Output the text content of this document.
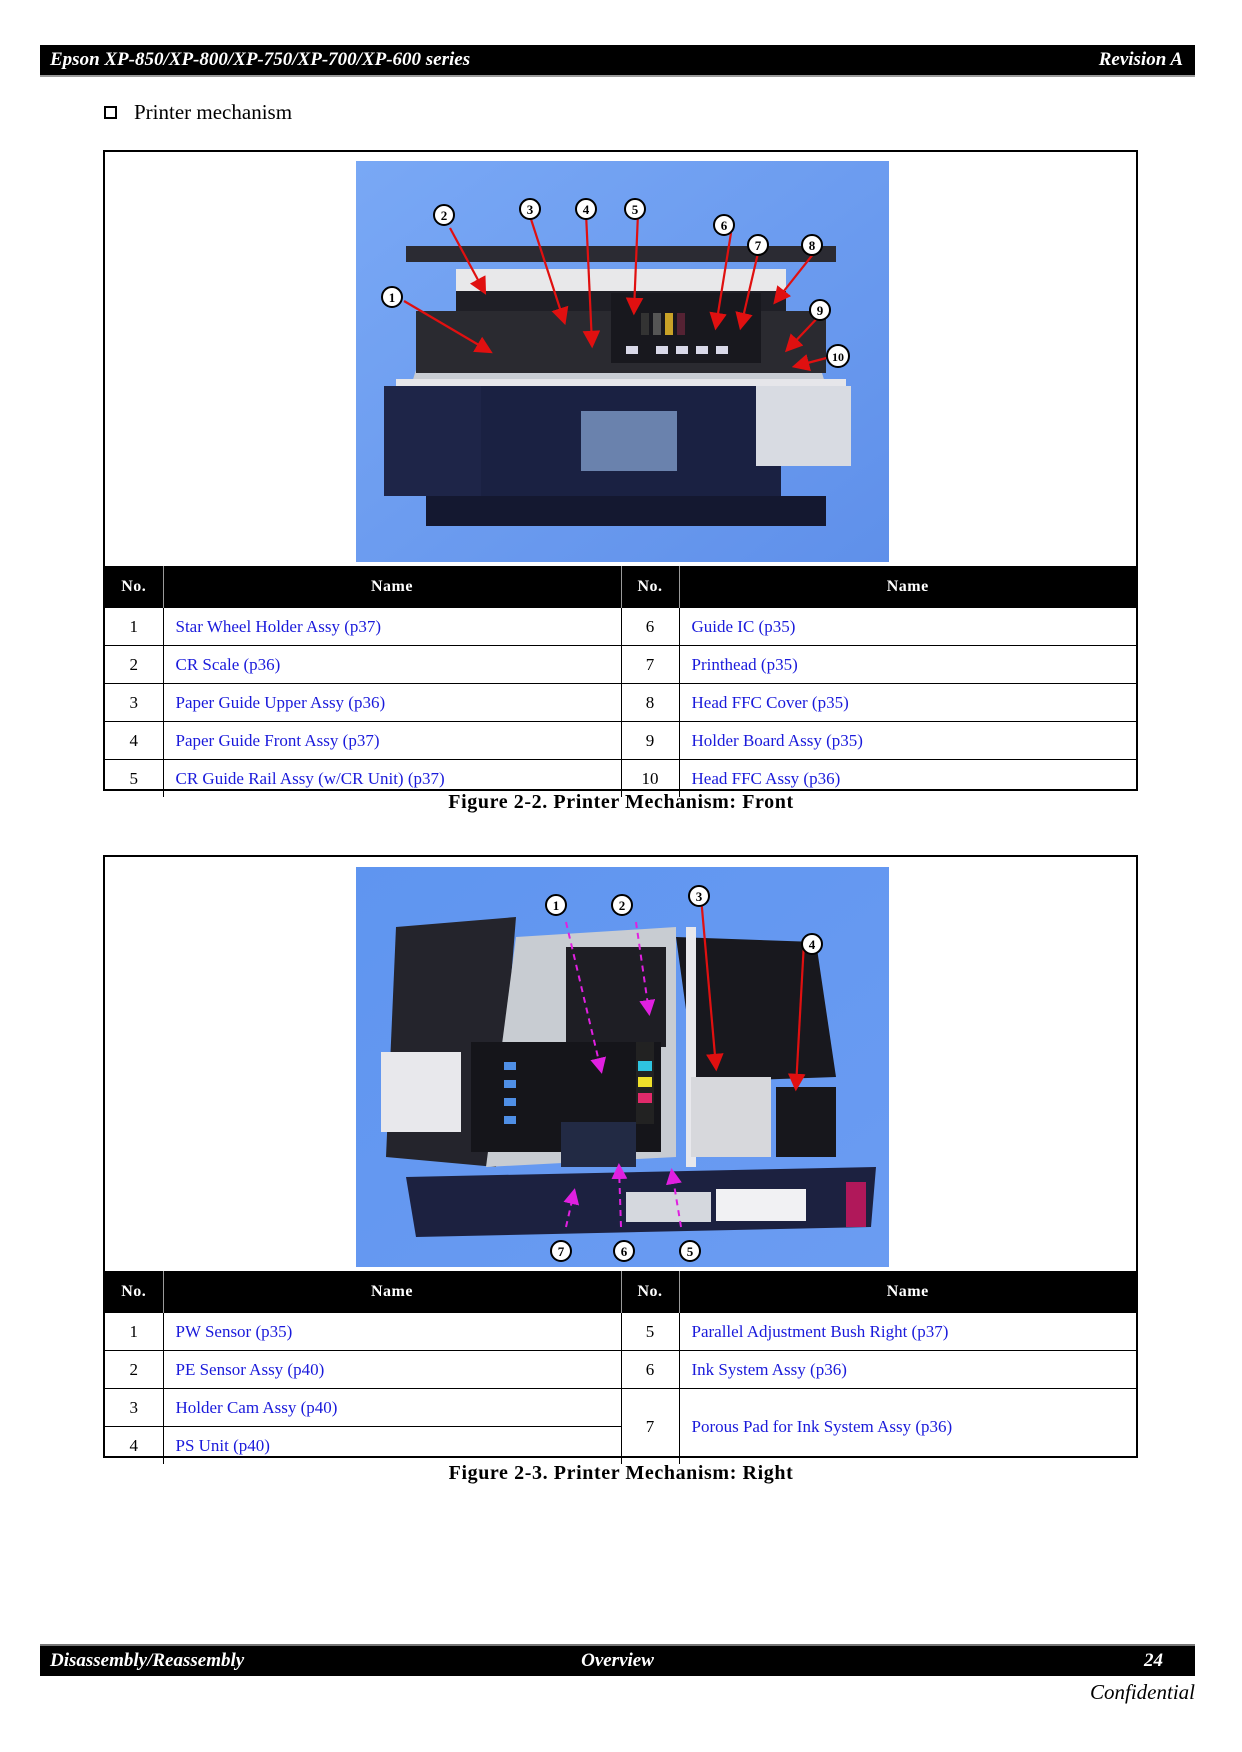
Epson XP-850/XP-800/XP-750/XP-700/XP-600 series	Revision A
Printer mechanism
1
2	3	4	5
6
7	8
9
10
No.	Name	No.	Name
1	Star Wheel Holder Assy (p37)	6	Guide IC (p35)
2	CR Scale (p36)	7	Printhead (p35)
3	Paper Guide Upper Assy (p36)	8	Head FFC Cover (p35)
4	Paper Guide Front Assy (p37)	9	Holder Board Assy (p35)
5	CR Guide Rail Assy (w/CR Unit) (p37)	10	Head FFC Assy (p36)
Figure 2-2. Printer Mechanism: Front
1	2
3
4
7	6	5
No.	Name	No.	Name
1	PW Sensor (p35)	5	Parallel Adjustment Bush Right (p37)
2	PE Sensor Assy (p40)	6	Ink System Assy (p36)
3	Holder Cam Assy (p40)	7	Porous Pad for Ink System Assy (p36)
4	PS Unit (p40)		
Figure 2-3. Printer Mechanism: Right
Disassembly/Reassembly	Overview	24
Confidential
